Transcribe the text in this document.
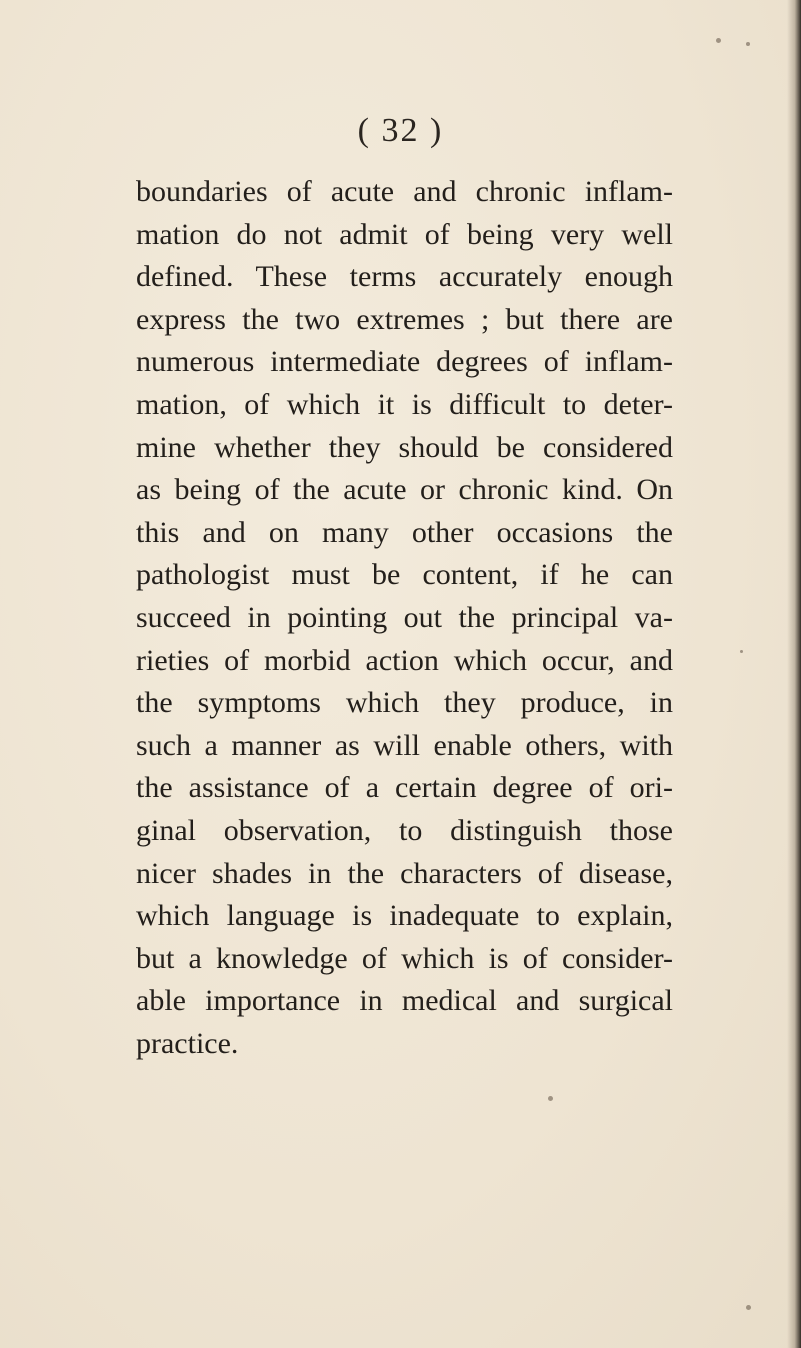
( 32 )
boundaries of acute and chronic inflam-
mation do not admit of being very well
defined. These terms accurately enough
express the two extremes ; but there are
numerous intermediate degrees of inflam-
mation, of which it is difficult to deter-
mine whether they should be considered
as being of the acute or chronic kind. On
this and on many other occasions the
pathologist must be content, if he can
succeed in pointing out the principal va-
rieties of morbid action which occur, and
the symptoms which they produce, in
such a manner as will enable others, with
the assistance of a certain degree of ori-
ginal observation, to distinguish those
nicer shades in the characters of disease,
which language is inadequate to explain,
but a knowledge of which is of consider-
able importance in medical and surgical
practice.
